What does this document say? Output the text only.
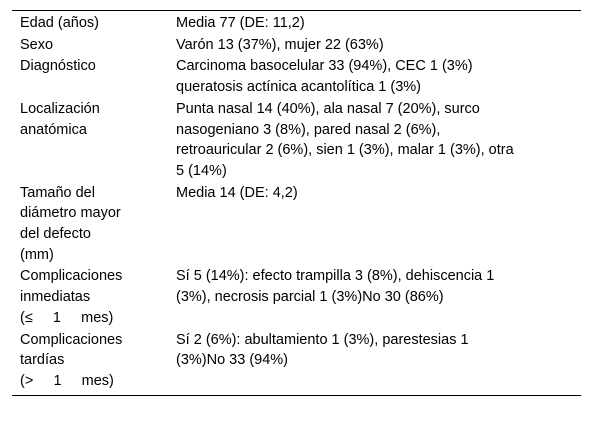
Edad (años)	Media 77 (DE: 11,2)

Sexo	Varón 13 (37%), mujer 22 (63%)

Diagnóstico	Carcinoma basocelular 33 (94%), CEC 1 (3%)
queratosis actínica acantolítica 1 (3%)

Localización
anatómica	Punta nasal 14 (40%), ala nasal 7 (20%), surco
nasogeniano 3 (8%), pared nasal 2 (6%),
retroauricular 2 (6%), sien 1 (3%), malar 1 (3%), otra
5 (14%)

Tamaño del
diámetro mayor
del defecto
(mm)	Media 14 (DE: 4,2)

Complicaciones
inmediatas
(≤     1     mes)	Sí 5 (14%): efecto trampilla 3 (8%), dehiscencia 1
(3%), necrosis parcial 1 (3%)No 30 (86%)

Complicaciones
tardías
(>     1     mes)	Sí 2 (6%): abultamiento 1 (3%), parestesias 1
(3%)No 33 (94%)
